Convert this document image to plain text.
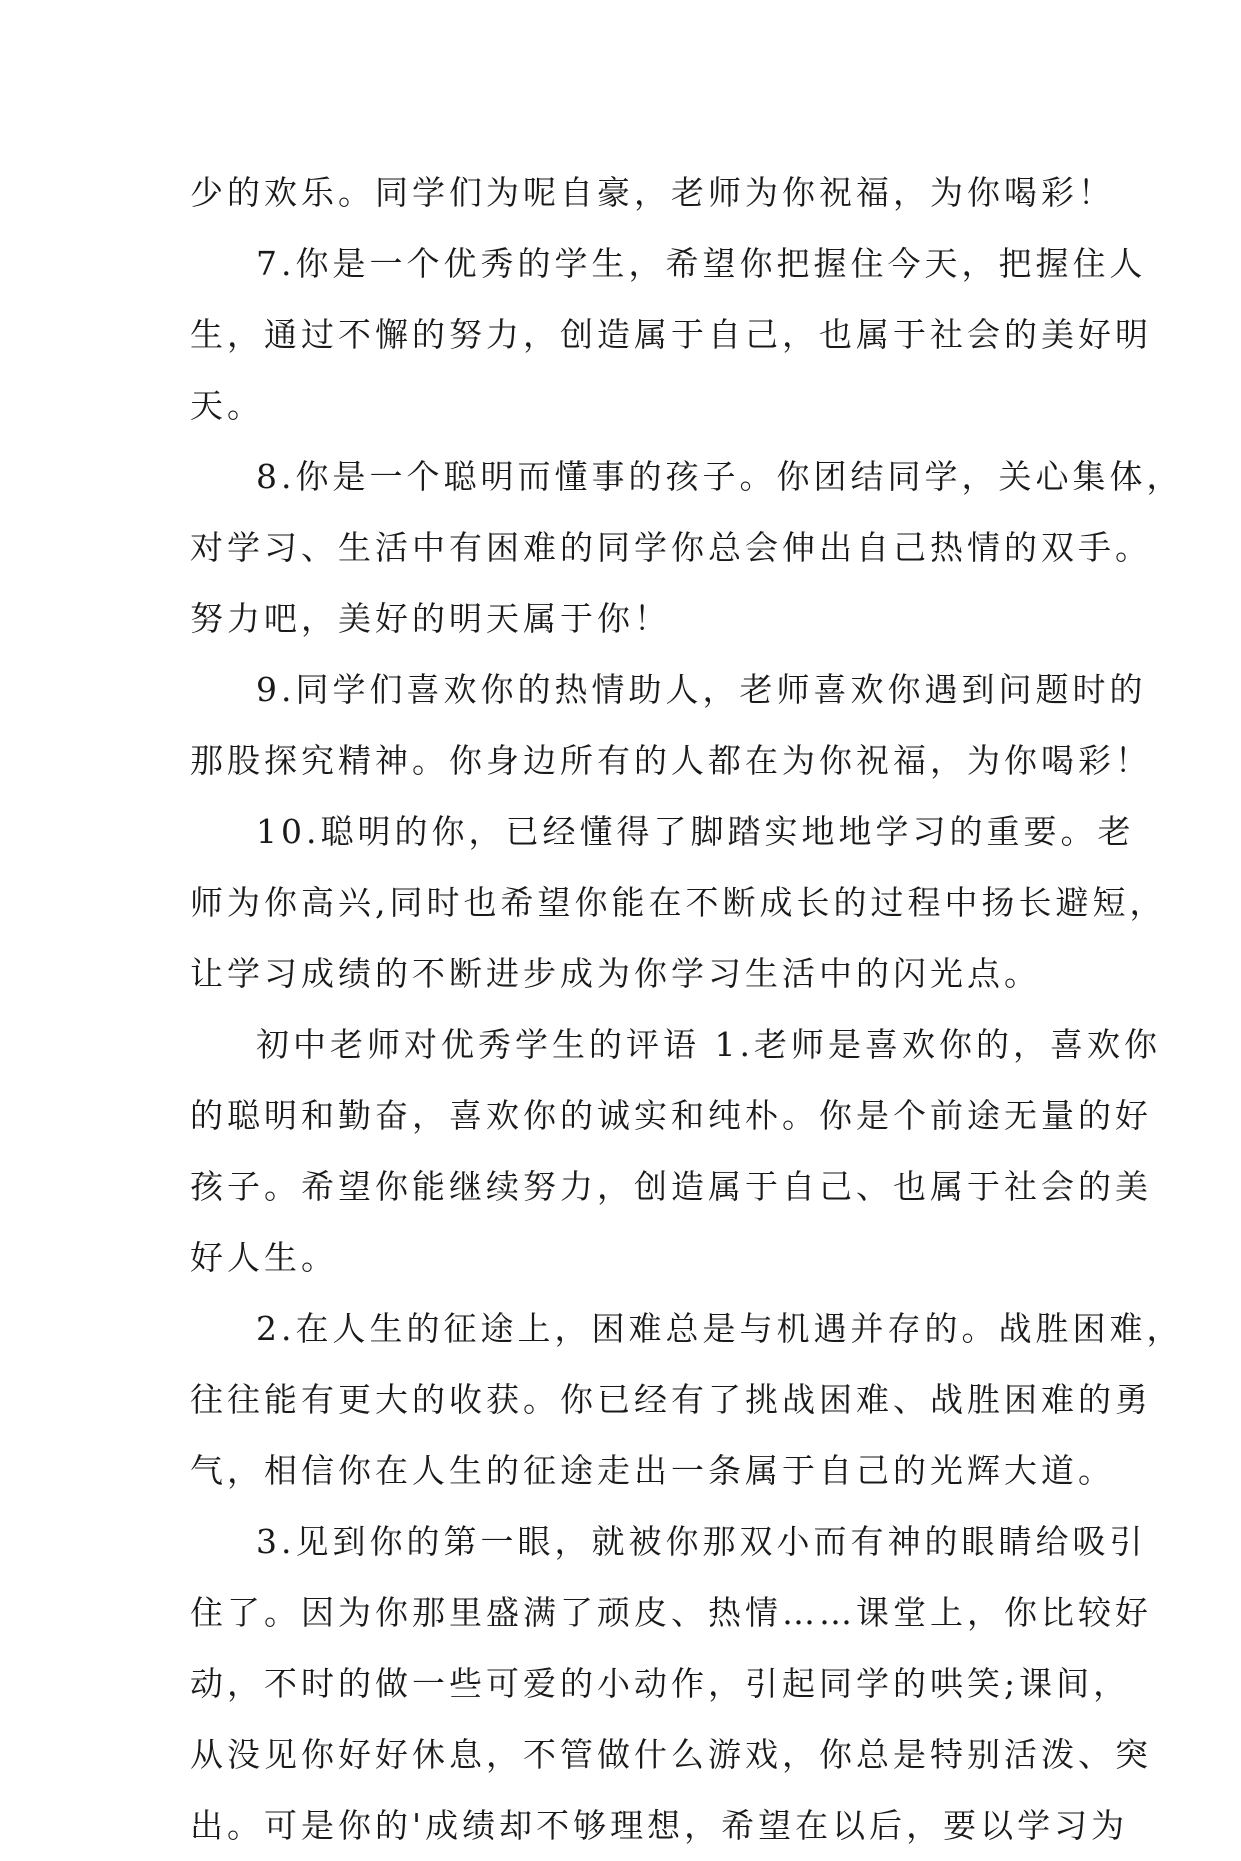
少的欢乐。同学们为呢自豪，老师为你祝福，为你喝彩！
7.你是一个优秀的学生，希望你把握住今天，把握住人
生，通过不懈的努力，创造属于自己，也属于社会的美好明
天。
8.你是一个聪明而懂事的孩子。你团结同学，关心集体，
对学习、生活中有困难的同学你总会伸出自己热情的双手。
努力吧，美好的明天属于你！
9.同学们喜欢你的热情助人，老师喜欢你遇到问题时的
那股探究精神。你身边所有的人都在为你祝福，为你喝彩！
10.聪明的你，已经懂得了脚踏实地地学习的重要。老
师为你高兴,同时也希望你能在不断成长的过程中扬长避短，
让学习成绩的不断进步成为你学习生活中的闪光点。
初中老师对优秀学生的评语 1.老师是喜欢你的，喜欢你
的聪明和勤奋，喜欢你的诚实和纯朴。你是个前途无量的好
孩子。希望你能继续努力，创造属于自己、也属于社会的美
好人生。
2.在人生的征途上，困难总是与机遇并存的。战胜困难，
往往能有更大的收获。你已经有了挑战困难、战胜困难的勇
气，相信你在人生的征途走出一条属于自己的光辉大道。
3.见到你的第一眼，就被你那双小而有神的眼睛给吸引
住了。因为你那里盛满了顽皮、热情……课堂上，你比较好
动，不时的做一些可爱的小动作，引起同学的哄笑;课间，
从没见你好好休息，不管做什么游戏，你总是特别活泼、突
出。可是你的'成绩却不够理想，希望在以后，要以学习为
